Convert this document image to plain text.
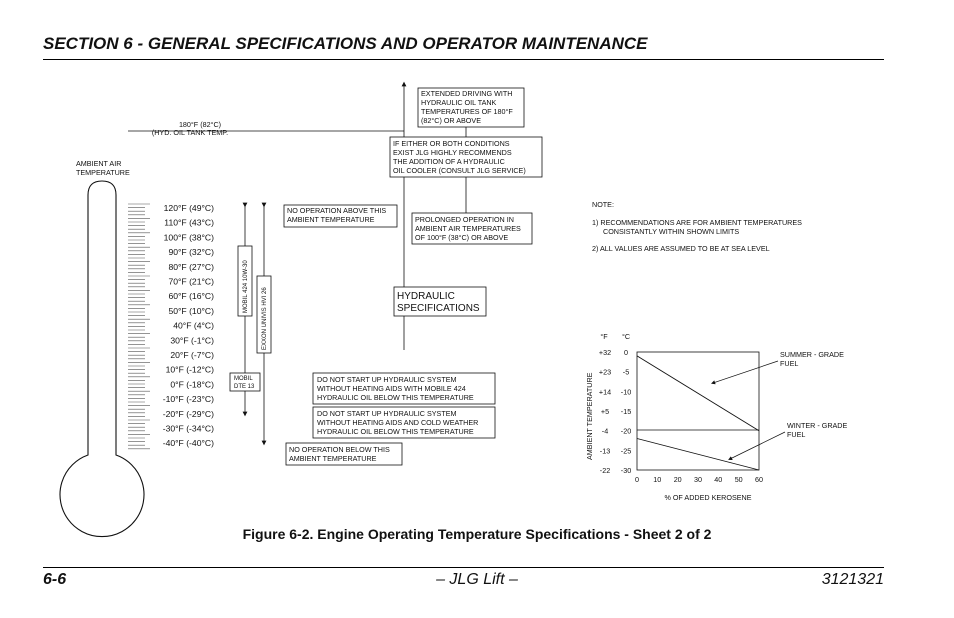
SECTION 6 - GENERAL SPECIFICATIONS AND OPERATOR MAINTENANCE
180°F (82°C)
(HYD. OIL TANK TEMP.
AMBIENT AIR
TEMPERATURE
120°F (49°C)
110°F (43°C)
100°F (38°C)
90°F (32°C)
80°F (27°C)
70°F (21°C)
60°F (16°C)
50°F (10°C)
40°F (4°C)
30°F (-1°C)
20°F (-7°C)
10°F (-12°C)
0°F (-18°C)
-10°F (-23°C)
-20°F (-29°C)
-30°F (-34°C)
-40°F (-40°C)
MOBIL 424 10W-30
EXXON UNIVIS HVI 26
MOBIL
DTE 13
EXTENDED DRIVING WITH
HYDRAULIC OIL TANK
TEMPERATURES OF 180°F
(82°C) OR ABOVE
IF EITHER OR BOTH CONDITIONS
EXIST JLG HIGHLY RECOMMENDS
THE ADDITION OF A HYDRAULIC
OIL COOLER (CONSULT JLG SERVICE)
NO OPERATION ABOVE THIS
AMBIENT TEMPERATURE	PROLONGED OPERATION IN
AMBIENT AIR TEMPERATURES
OF 100°F (38°C) OR ABOVE
HYDRAULIC
SPECIFICATIONS
DO NOT START UP HYDRAULIC SYSTEM
WITHOUT HEATING AIDS WITH MOBILE 424
HYDRAULIC OIL BELOW THIS TEMPERATURE
DO NOT START UP HYDRAULIC SYSTEM
WITHOUT HEATING AIDS AND COLD WEATHER
HYDRAULIC OIL BELOW THIS TEMPERATURE
NO OPERATION BELOW THIS
AMBIENT TEMPERATURE
NOTE:
1) RECOMMENDATIONS ARE FOR AMBIENT TEMPERATURES
CONSISTANTLY WITHIN SHOWN LIMITS
2) ALL VALUES ARE ASSUMED TO BE AT SEA LEVEL
°F °C
AMBIENT TEMPERATURE
% OF ADDED KEROSENE
0 10 20 30 40 50 60
+32 0
+23 -5
+14 -10
+5 -15
-4 -20
-13 -25
-22 -30
SUMMER - GRADE
FUEL
WINTER - GRADE
FUEL
Figure 6-2. Engine Operating Temperature Specifications - Sheet 2 of 2
6-6	– JLG Lift –	3121321
